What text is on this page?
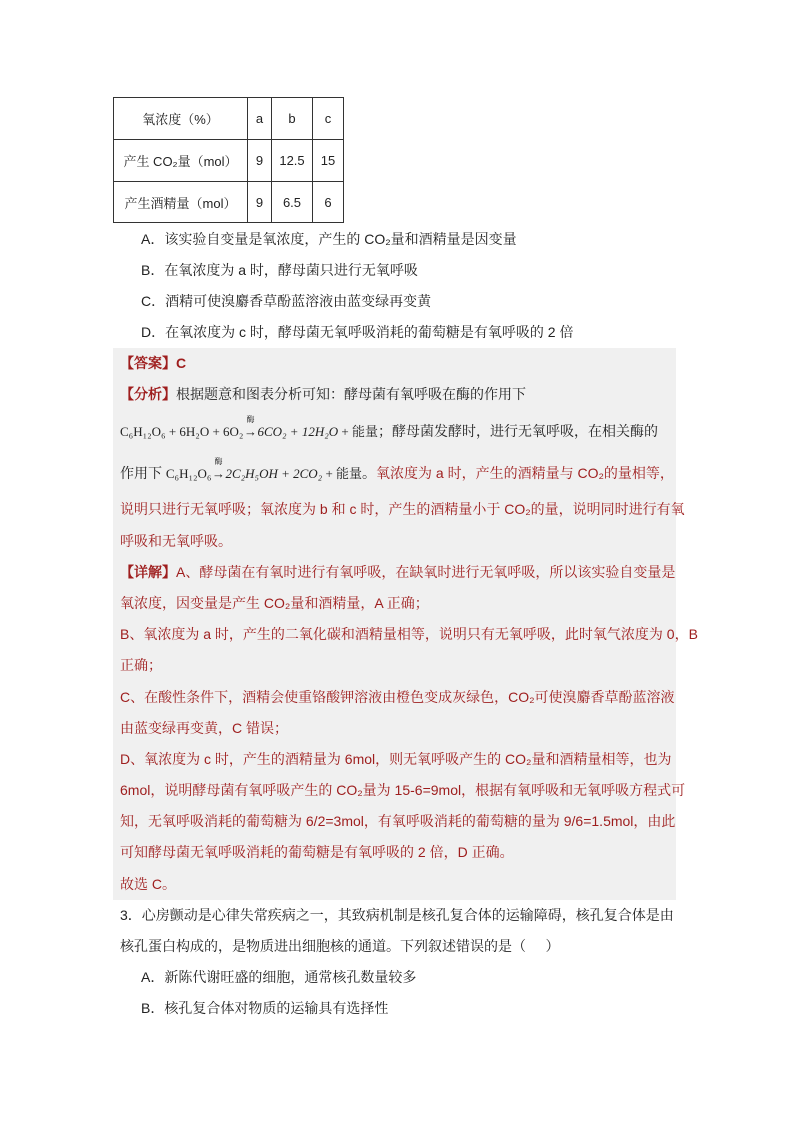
氧浓度（%）	a	b	c
产生 CO₂量（mol）	9	12.5	15
产生酒精量（mol）	9	6.5	6
A．该实验自变量是氧浓度，产生的 CO₂量和酒精量是因变量
B．在氧浓度为 a 时，酵母菌只进行无氧呼吸
C．酒精可使溴麝香草酚蓝溶液由蓝变绿再变黄
D．在氧浓度为 c 时，酵母菌无氧呼吸消耗的葡萄糖是有氧呼吸的 2 倍
【答案】C
【分析】根据题意和图表分析可知：酵母菌有氧呼吸在酶的作用下
C₆H₁₂O₆ + 6H₂O + 6O₂
酶
→6CO₂ + 12H₂O + 能量；酵母菌发酵时，进行无氧呼吸，在相关酶的
作用下 C₆H₁₂O₆
酶
→2C₂H₅OH + 2CO₂ + 能量。氧浓度为 a 时，产生的酒精量与 CO₂的量相等，
说明只进行无氧呼吸；氧浓度为 b 和 c 时，产生的酒精量小于 CO₂的量，说明同时进行有氧
呼吸和无氧呼吸。
【详解】A、酵母菌在有氧时进行有氧呼吸，在缺氧时进行无氧呼吸，所以该实验自变量是
氧浓度，因变量是产生 CO₂量和酒精量，A 正确；
B、氧浓度为 a 时，产生的二氧化碳和酒精量相等，说明只有无氧呼吸，此时氧气浓度为 0，B
正确；
C、在酸性条件下，酒精会使重铬酸钾溶液由橙色变成灰绿色，CO₂可使溴麝香草酚蓝溶液
由蓝变绿再变黄，C 错误；
D、氧浓度为 c 时，产生的酒精量为 6mol，则无氧呼吸产生的 CO₂量和酒精量相等，也为
6mol，说明酵母菌有氧呼吸产生的 CO₂量为 15-6=9mol，根据有氧呼吸和无氧呼吸方程式可
知，无氧呼吸消耗的葡萄糖为 6/2=3mol，有氧呼吸消耗的葡萄糖的量为 9/6=1.5mol，由此
可知酵母菌无氧呼吸消耗的葡萄糖是有氧呼吸的 2 倍，D 正确。
故选 C。
3．心房颤动是心律失常疾病之一，其致病机制是核孔复合体的运输障碍，核孔复合体是由
核孔蛋白构成的，是物质进出细胞核的通道。下列叙述错误的是（     ）
A．新陈代谢旺盛的细胞，通常核孔数量较多
B．核孔复合体对物质的运输具有选择性
